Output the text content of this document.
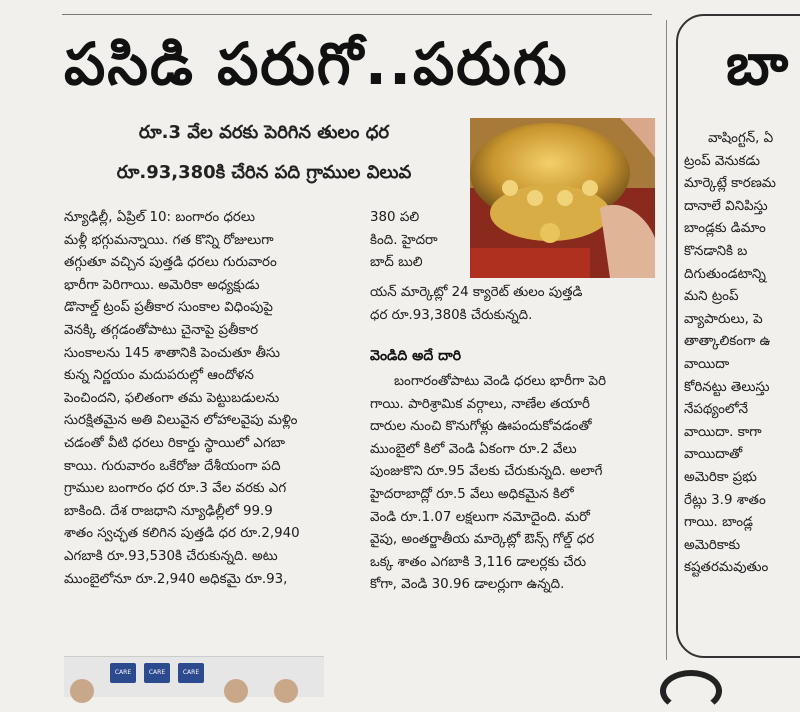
పసిడి పరుగో..పరుగు
రూ.3 వేల వరకు పెరిగిన తులం ధర
రూ.93,380కి చేరిన పది గ్రాముల విలువ

న్యూఢిల్లీ, ఏప్రిల్ 10: బంగారం ధరలు

మళ్లీ భగ్గుమన్నాయి. గత కొన్ని రోజులుగా

తగ్గుతూ వచ్చిన పుత్తడి ధరలు గురువారం

భారీగా పెరిగాయి. అమెరికా అధ్యక్షుడు

డొనాల్డ్ ట్రంప్ ప్రతీకార సుంకాల విధింపుపై

వెనక్కి తగ్గడంతోపాటు చైనాపై ప్రతీకార

సుంకాలను 145 శాతానికి పెంచుతూ తీసు

కున్న నిర్ణయం మదుపరుల్లో ఆందోళన

పెంచిందని, ఫలితంగా తమ పెట్టుబడులను

సురక్షితమైన అతి విలువైన లోహాలవైపు మళ్లిం

చడంతో వీటి ధరలు రికార్డు స్థాయిలో ఎగబా

కాయి. గురువారం ఒకేరోజు దేశీయంగా పది

గ్రాముల బంగారం ధర రూ.3 వేల వరకు ఎగ

బాకింది. దేశ రాజధాని న్యూఢిల్లీలో 99.9

శాతం స్వచ్ఛత కలిగిన పుత్తడి ధర రూ.2,940

ఎగబాకి రూ.93,530కి చేరుకున్నది. అటు

ముంబైలోనూ రూ.2,940 అధికమై రూ.93,

380 పలి

కింది. హైదరా

బాద్ బులి

యన్ మార్కెట్లో 24 క్యారెట్ తులం పుత్తడి

ధర రూ.93,380కి చేరుకున్నది.

వెండిది అదే దారి

బంగారంతోపాటు వెండి ధరలు భారీగా పెరి

గాయి. పారిశ్రామిక వర్గాలు, నాణేల తయారీ

దారుల నుంచి కొనుగోళ్లు ఊపందుకోవడంతో

ముంబైలో కిలో వెండి ఏకంగా రూ.2 వేలు

పుంజుకొని రూ.95 వేలకు చేరుకున్నది. అలాగే

హైదరాబాద్లో రూ.5 వేలు అధికమైన కిలో

వెండి రూ.1.07 లక్షలుగా నమోదైంది. మరో

వైపు, అంతర్జాతీయ మార్కెట్లో ఔన్స్ గోల్డ్ ధర

ఒక్క శాతం ఎగబాకి 3,116 డాలర్లకు చేరు

కోగా, వెండి 30.96 డాలర్లుగా ఉన్నది.

బా

వాషింగ్టన్, ఏ

ట్రంప్ వెనుకడు

మార్కెట్లే కారణమ

దానాలే వినిపిస్తు

బాండ్లకు డిమాం

కొనడానికి బ

దిగుతుండటాన్ని

మని ట్రంప్

వ్యాపారులు, పె

తాత్కాలికంగా ఉ

వాయిదా

కోరినట్టు తెలుస్తు

నేపథ్యంలోనే

వాయిదా. కాగా

వాయిదాతో

అమెరికా ప్రభు

రేట్లు 3.9 శాతం

గాయి. బాండ్ల

అమెరికాకు

కష్టతరమవుతుం

CARE	CARE	CARE
